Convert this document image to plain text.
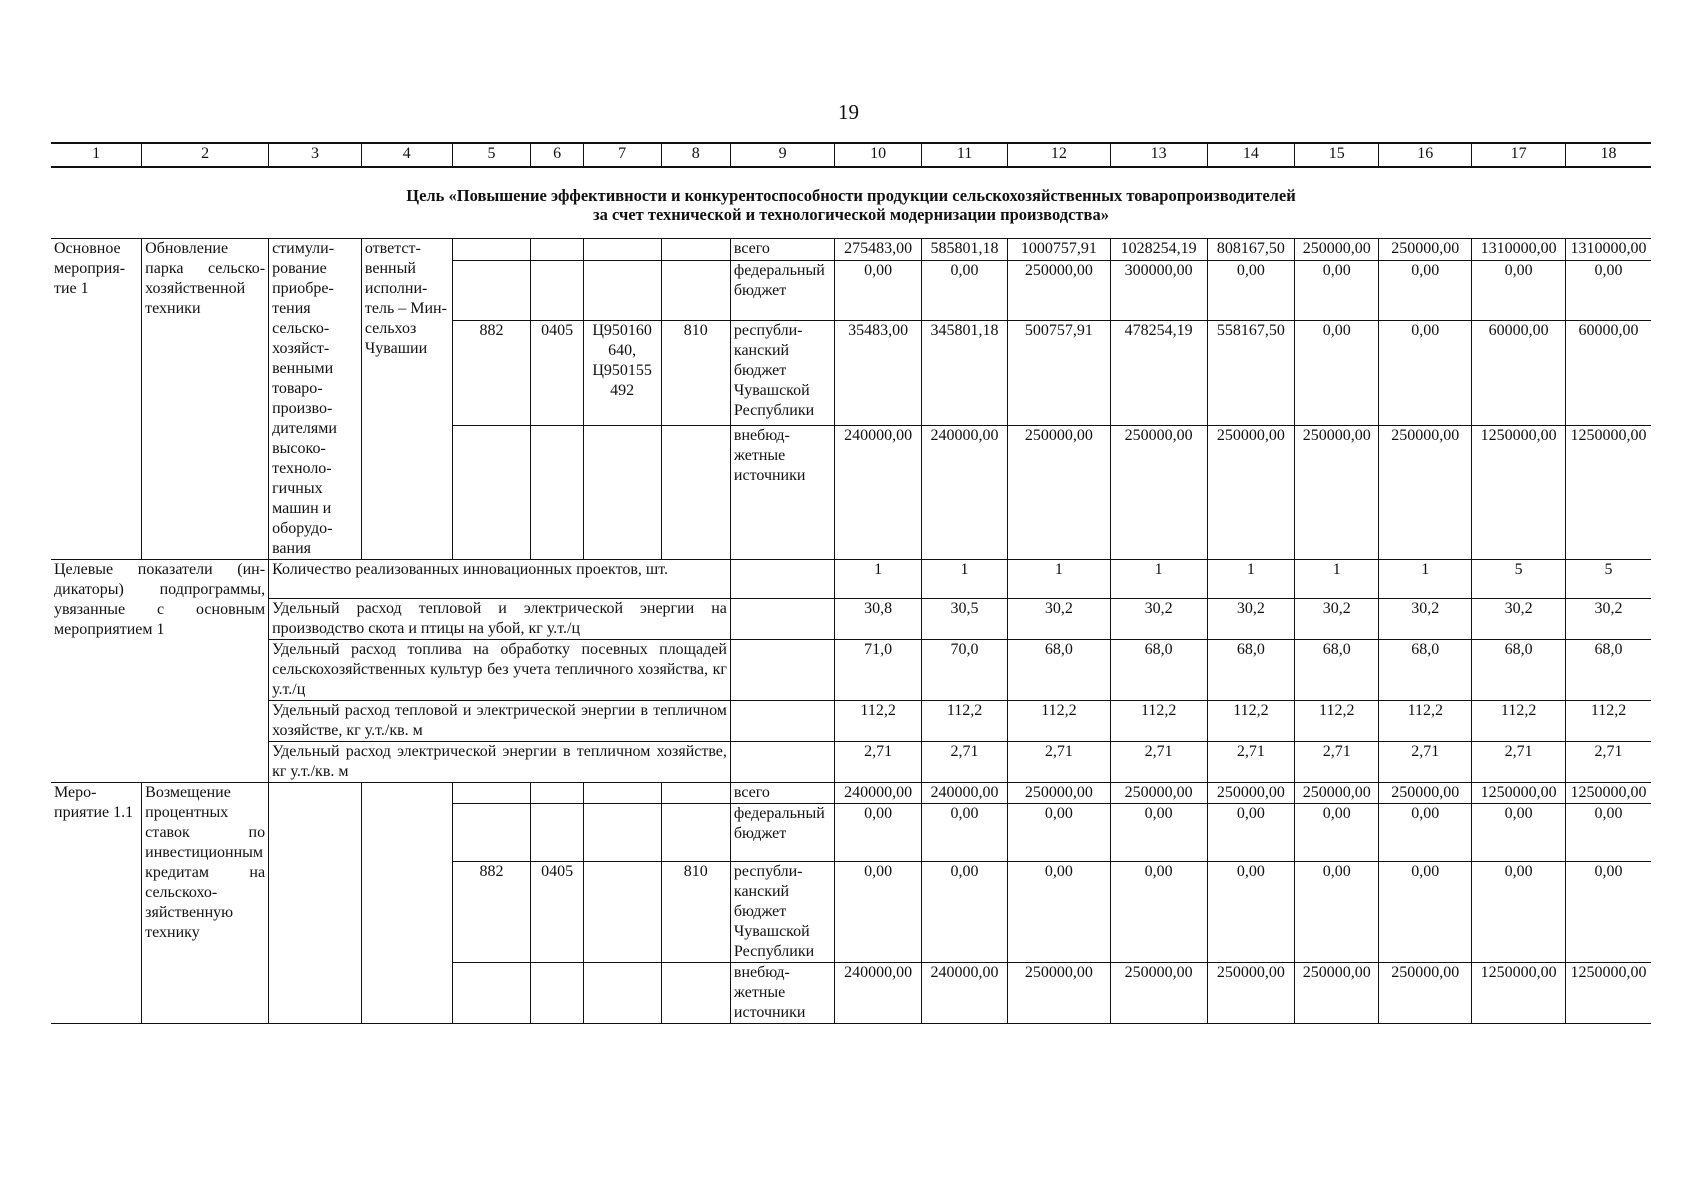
19
1	2	3	4	5	6	7	8	9	10	11	12	13	14	15	16	17	18

Цель «Повышение эффективности и конкурентоспособности продукции сельскохозяйственных товаропроизводителей
за счет технической и технологической модернизации производства»																	

Основное мероприятие 1	Обновление парка сельскохозяйственной техники	стимулирование приобретения сельскохозяйственными товаропроизводителями высокотехнологичных машин и оборудования	ответственный исполнитель – Минсельхоз Чувашии					всего	275483,00	585801,18	1000757,91	1028254,19	808167,50	250000,00	250000,00	1310000,00	1310000,00
								федеральный бюджет	0,00	0,00	250000,00	300000,00	0,00	0,00	0,00	0,00	0,00
				882	0405	Ц950160 640, Ц950155 492	810	республиканский бюджет Чувашской Республики	35483,00	345801,18	500757,91	478254,19	558167,50	0,00	0,00	60000,00	60000,00
								внебюджетные источники	240000,00	240000,00	250000,00	250000,00	250000,00	250000,00	250000,00	1250000,00	1250000,00
Целевые показатели (индикаторы) подпрограммы, увязанные с основным мероприятием 1		Количество реализованных инновационных проектов, шт.							1	1	1	1	1	1	1	5	5
		Удельный расход тепловой и электрической энергии на производство скота и птицы на убой, кг у.т./ц							30,8	30,5	30,2	30,2	30,2	30,2	30,2	30,2	30,2
		Удельный расход топлива на обработку посевных площадей сельскохозяйственных культур без учета тепличного хозяйства, кг у.т./ц							71,0	70,0	68,0	68,0	68,0	68,0	68,0	68,0	68,0
		Удельный расход тепловой и электрической энергии в тепличном хозяйстве, кг у.т./кв. м							112,2	112,2	112,2	112,2	112,2	112,2	112,2	112,2	112,2
		Удельный расход электрической энергии в тепличном хозяйстве, кг у.т./кв. м							2,71	2,71	2,71	2,71	2,71	2,71	2,71	2,71	2,71
Мероприятие 1.1	Возмещение процентных ставок по инвестиционным кредитам на сельскохозяйственную технику							всего	240000,00	240000,00	250000,00	250000,00	250000,00	250000,00	250000,00	1250000,00	1250000,00
								федеральный бюджет	0,00	0,00	0,00	0,00	0,00	0,00	0,00	0,00	0,00
				882	0405		810	республиканский бюджет Чувашской Республики	0,00	0,00	0,00	0,00	0,00	0,00	0,00	0,00	0,00
								внебюджетные источники	240000,00	240000,00	250000,00	250000,00	250000,00	250000,00	250000,00	1250000,00	1250000,00
